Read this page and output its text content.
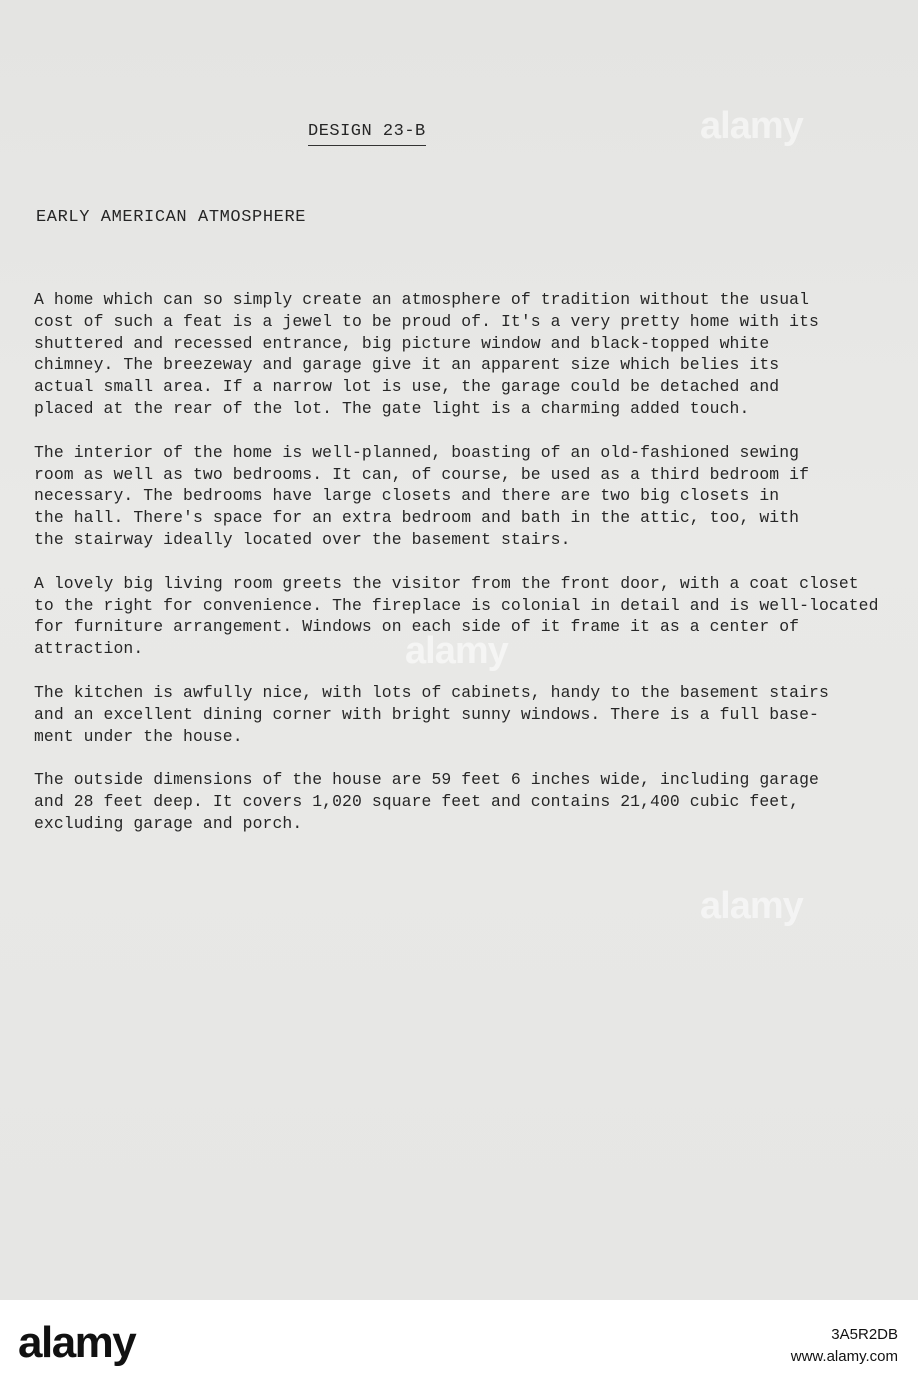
DESIGN 23-B
EARLY AMERICAN ATMOSPHERE

A home which can so simply create an atmosphere of tradition without the usual
cost of such a feat is a jewel to be proud of. It's a very pretty home with its
shuttered and recessed entrance, big picture window and black-topped white
chimney. The breezeway and garage give it an apparent size which belies its
actual small area. If a narrow lot is use, the garage could be detached and
placed at the rear of the lot. The gate light is a charming added touch.

The interior of the home is well-planned, boasting of an old-fashioned sewing
room as well as two bedrooms. It can, of course, be used as a third bedroom if
necessary. The bedrooms have large closets and there are two big closets in
the hall. There's space for an extra bedroom and bath in the attic, too, with
the stairway ideally located over the basement stairs.

A lovely big living room greets the visitor from the front door, with a coat closet
to the right for convenience. The fireplace is colonial in detail and is well-located
for furniture arrangement. Windows on each side of it frame it as a center of
attraction.

The kitchen is awfully nice, with lots of cabinets, handy to the basement stairs
and an excellent dining corner with bright sunny windows. There is a full base-
ment under the house.

The outside dimensions of the house are 59 feet 6 inches wide, including garage
and 28 feet deep. It covers 1,020 square feet and contains 21,400 cubic feet,
excluding garage and porch.

alamy
alamy
alamy
alamy	3A5R2DB
www.alamy.com
